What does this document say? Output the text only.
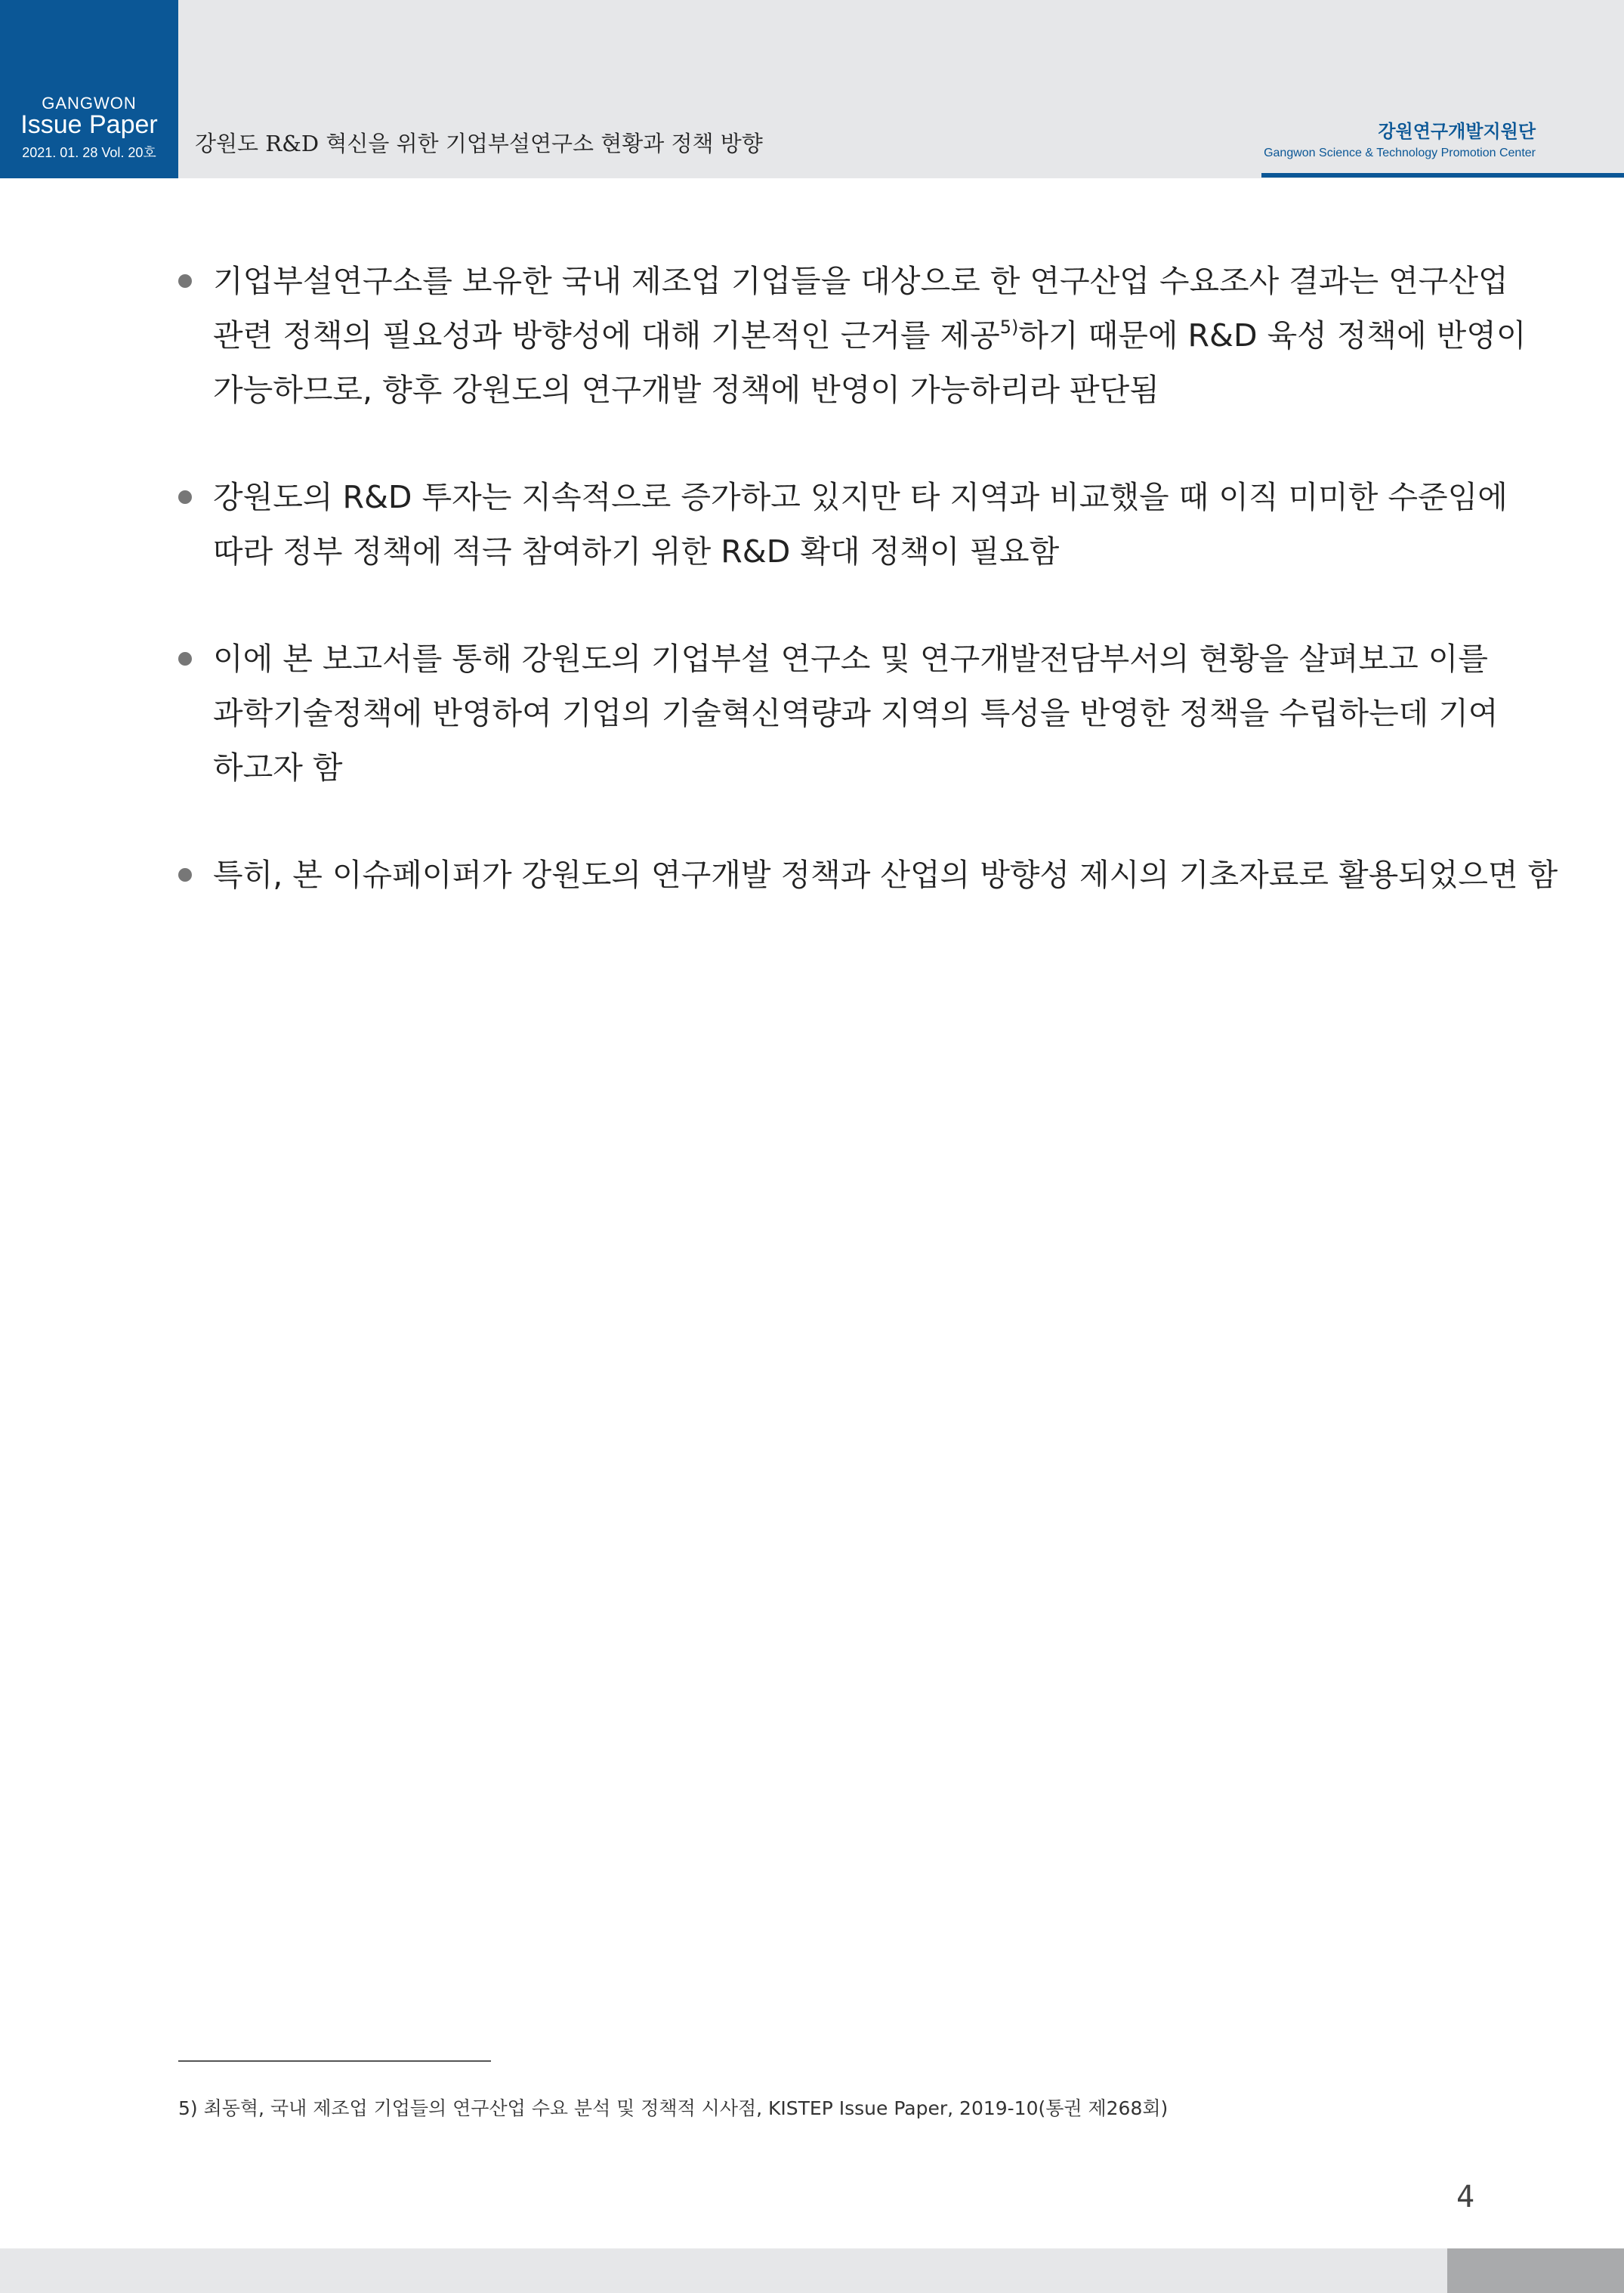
GANGWON
Issue Paper
2021. 01. 28 Vol. 20호	강원도 R&D 혁신을 위한 기업부설연구소 현황과 정책 방향	강원연구개발지원단
Gangwon Science & Technology Promotion Center
기업부설연구소를 보유한 국내 제조업 기업들을 대상으로 한 연구산업 수요조사 결과는 연구산업
관련 정책의 필요성과 방향성에 대해 기본적인 근거를 제공$^{5)}$하기 때문에 R&D 육성 정책에 반영이
가능하므로, 향후 강원도의 연구개발 정책에 반영이 가능하리라 판단됨
강원도의 R&D 투자는 지속적으로 증가하고 있지만 타 지역과 비교했을 때 이직 미미한 수준임에
따라 정부 정책에 적극 참여하기 위한 R&D 확대 정책이 필요함
이에 본 보고서를 통해 강원도의 기업부설 연구소 및 연구개발전담부서의 현황을 살펴보고 이를
과학기술정책에 반영하여 기업의 기술혁신역량과 지역의 특성을 반영한 정책을 수립하는데 기여
하고자 함
특히, 본 이슈페이퍼가 강원도의 연구개발 정책과 산업의 방향성 제시의 기초자료로 활용되었으면 함
5) 최동혁, 국내 제조업 기업들의 연구산업 수요 분석 및 정책적 시사점, KISTEP Issue Paper, 2019-10(통권 제268회)
4
